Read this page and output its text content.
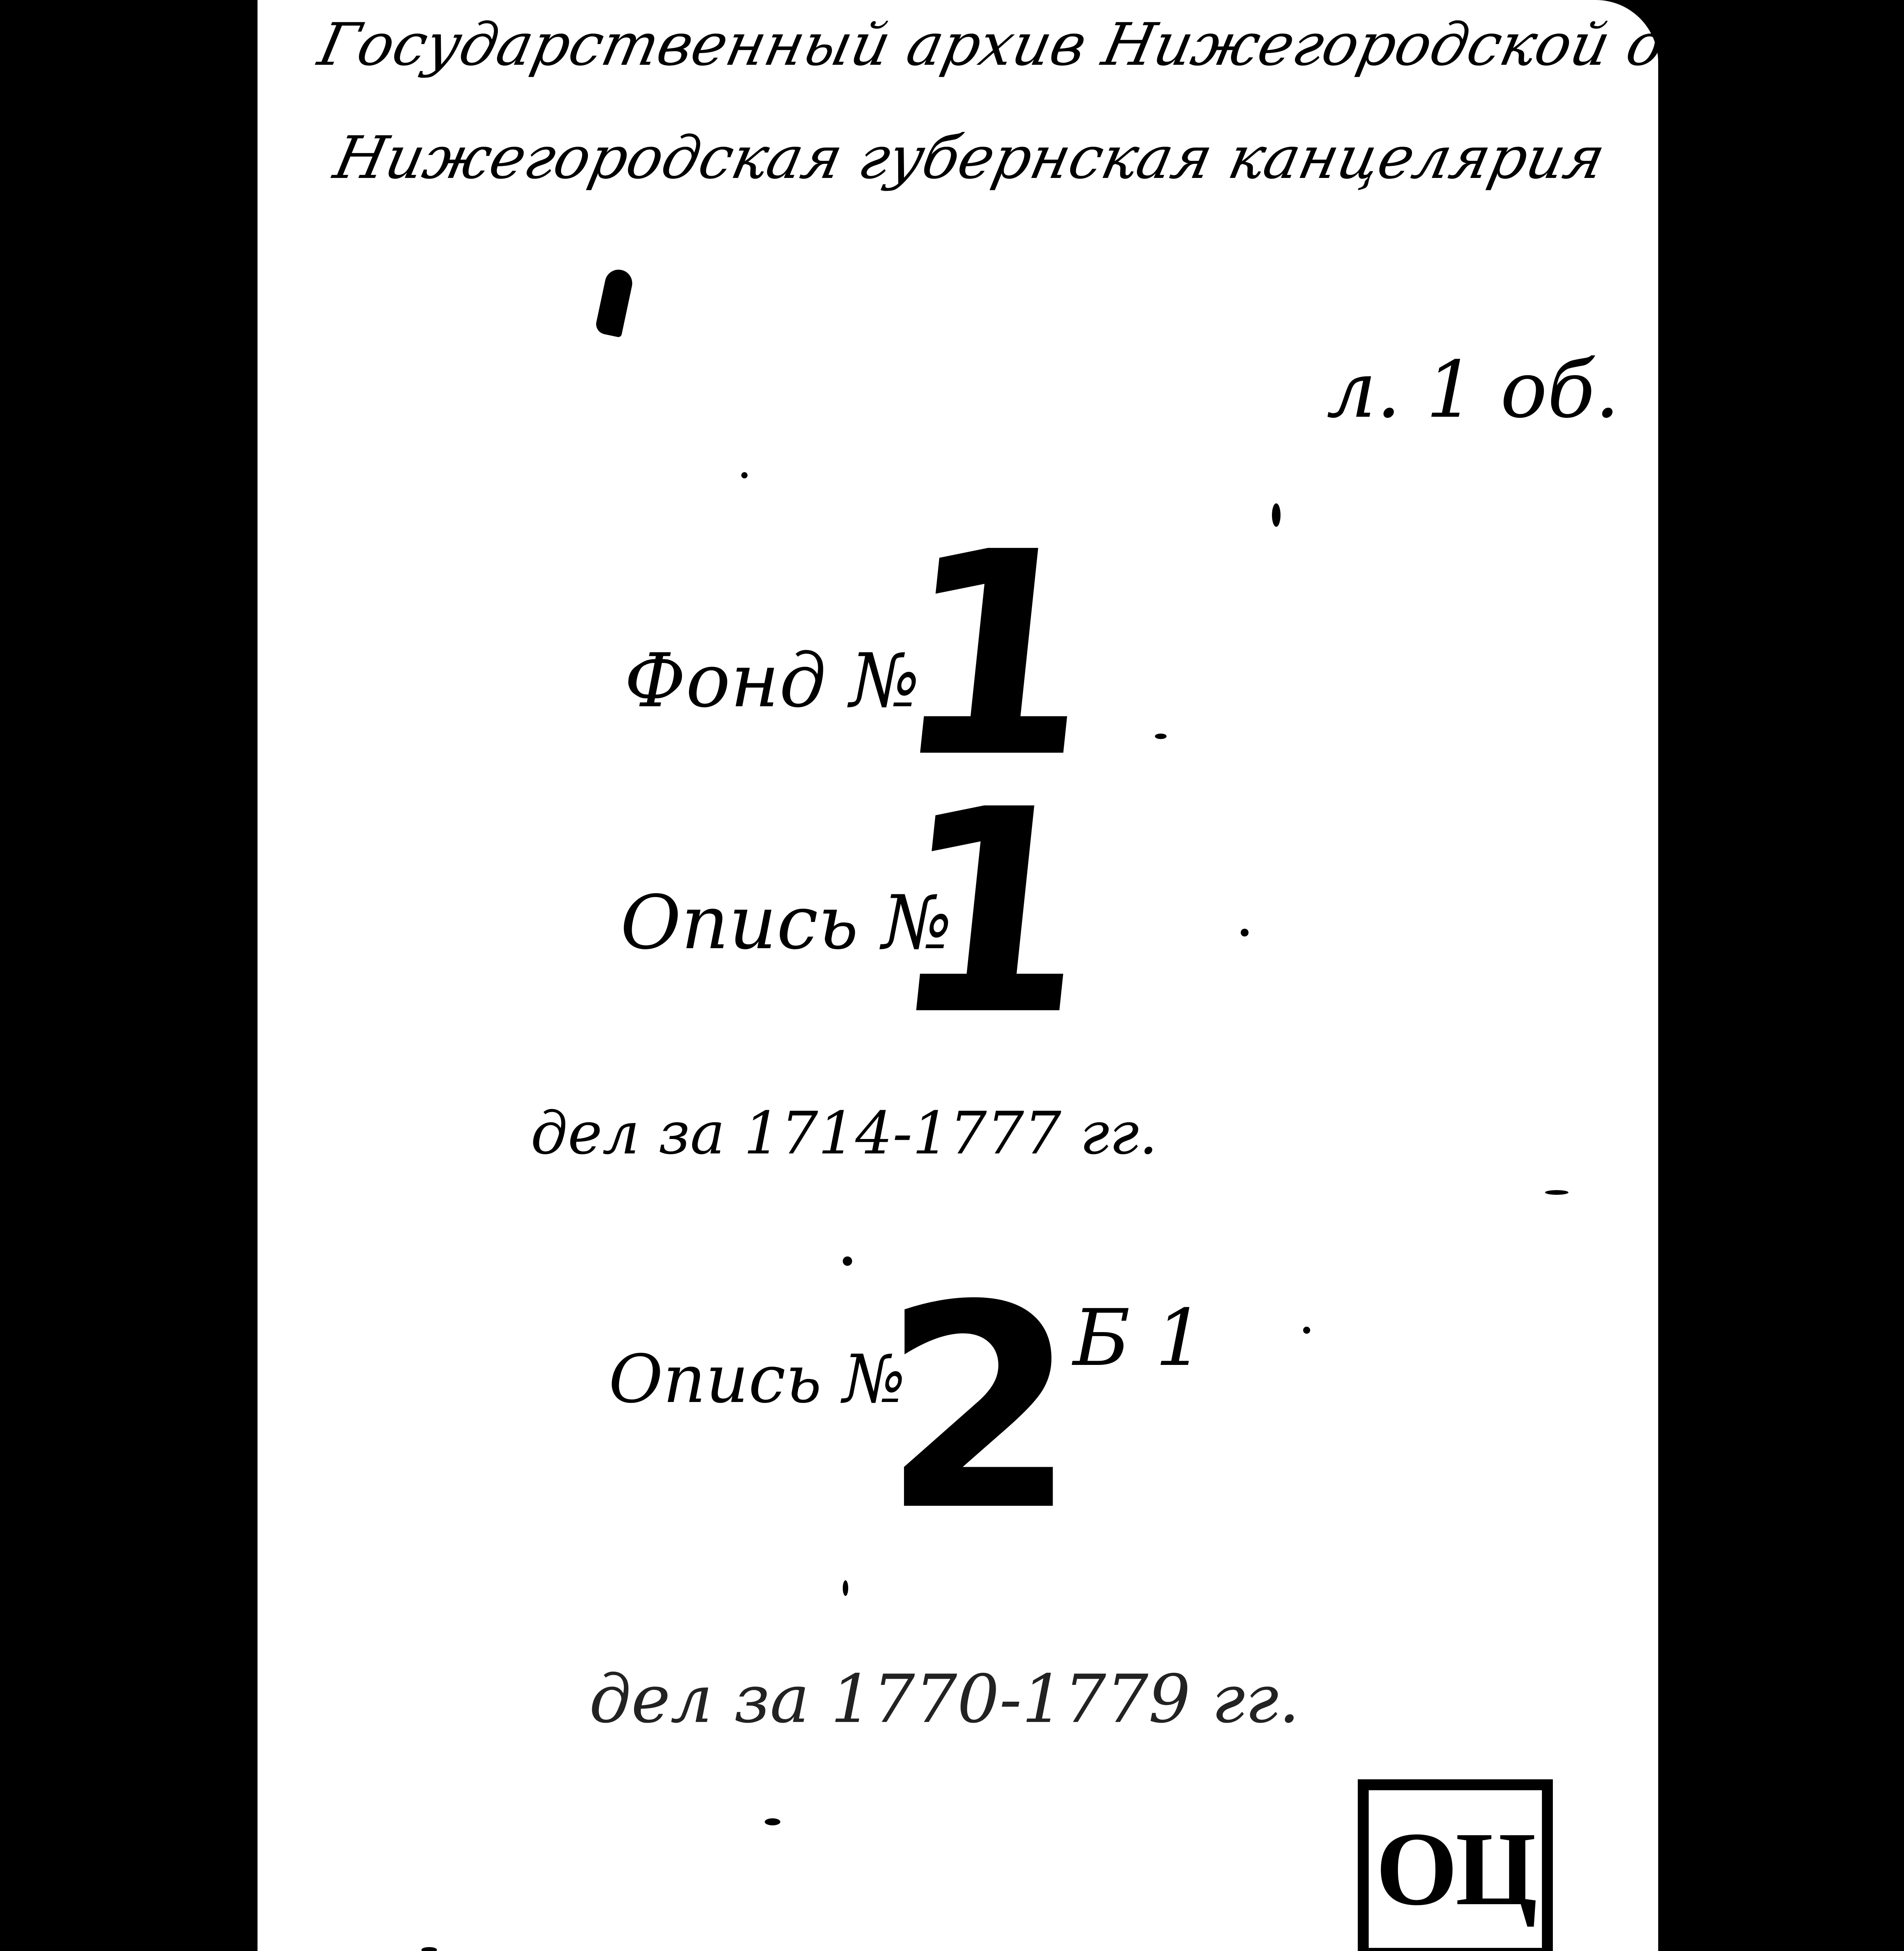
Государственный архив Нижегородской области
Нижегородская губернская канцелярия
л. 1 об.
Фонд №
1
Опись №
1
дел за 1714-1777 гг.
Опись №
2
Б 1
дел за 1770-1779 гг.
ОЦ
